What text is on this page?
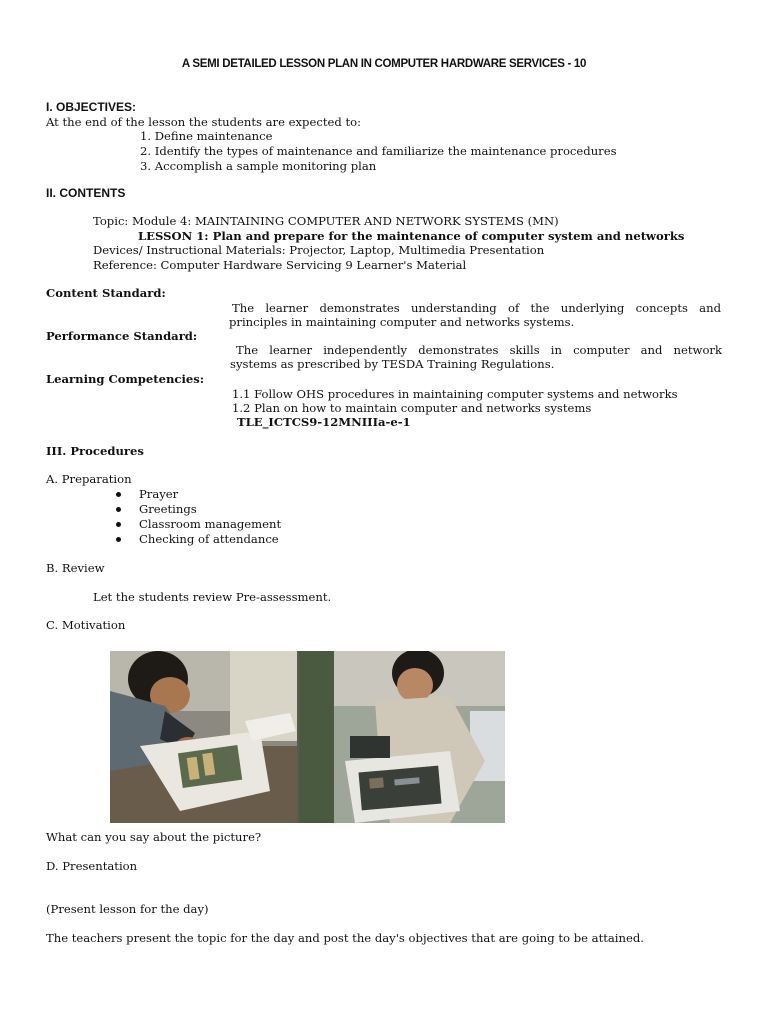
A SEMI DETAILED LESSON PLAN IN COMPUTER HARDWARE SERVICES - 10
I. OBJECTIVES:
At the end of the lesson the students are expected to:
1. Define maintenance
2. Identify the types of maintenance and familiarize the maintenance procedures
3. Accomplish a sample monitoring plan
II. CONTENTS
Topic: Module 4: MAINTAINING COMPUTER AND NETWORK SYSTEMS (MN)
LESSON 1: Plan and prepare for the maintenance of computer system and networks
Devices/ Instructional Materials: Projector, Laptop, Multimedia Presentation
Reference: Computer Hardware Servicing 9 Learner's Material
Content Standard:
The learner demonstrates understanding of the underlying concepts and
principles in maintaining computer and networks systems.
Performance Standard:
The learner independently demonstrates skills in computer and network
systems as prescribed by TESDA Training Regulations.
Learning Competencies:
1.1 Follow OHS procedures in maintaining computer systems and networks
1.2 Plan on how to maintain computer and networks systems
TLE_ICTCS9-12MNIIIa-e-1
III. Procedures
A. Preparation
Prayer
Greetings
Classroom management
Checking of attendance
B. Review
Let the students review Pre-assessment.
C. Motivation
What can you say about the picture?
D. Presentation
(Present lesson for the day)
The teachers present the topic for the day and post the day's objectives that are going to be attained.
